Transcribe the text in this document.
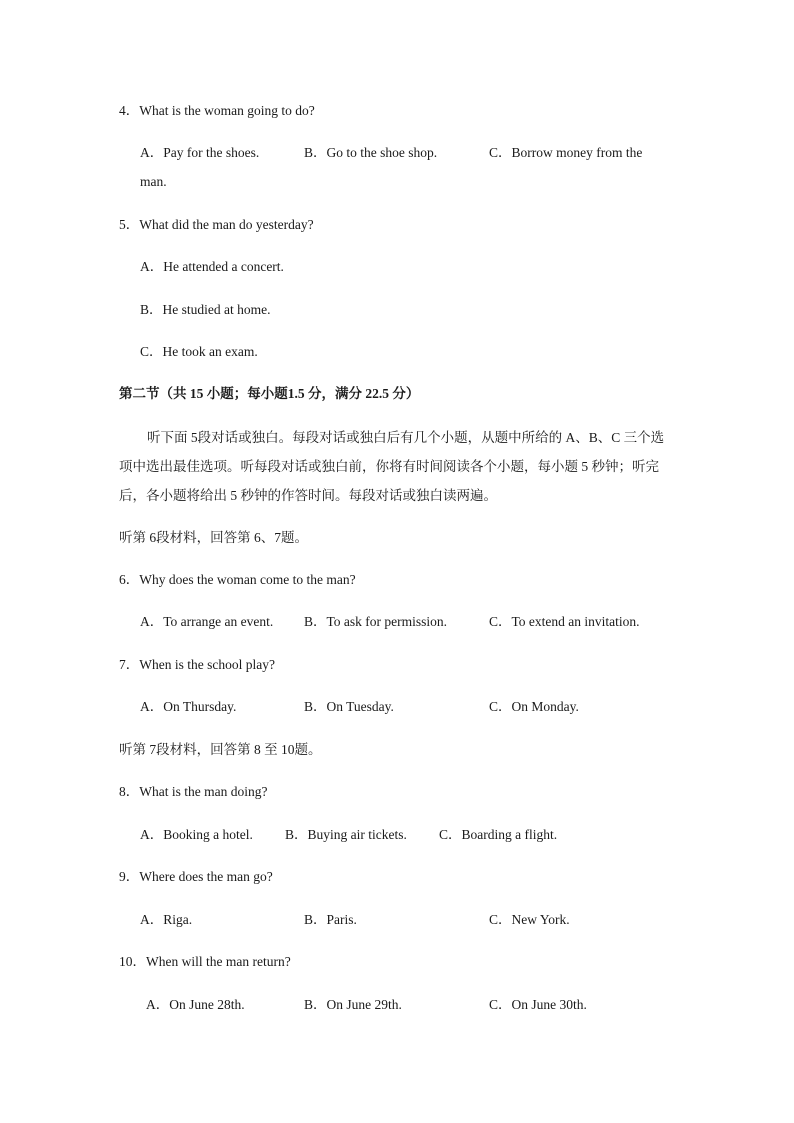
4．What is the woman going to do?
A．Pay for the shoes.	B．Go to the shoe shop.	C．Borrow money from the
man.
5．What did the man do yesterday?
A．He attended a concert.
B．He studied at home.
C．He took an exam.
第二节（共 15 小题；每小题1.5 分，满分 22.5 分）
听下面 5段对话或独白。每段对话或独白后有几个小题，从题中所给的 A、B、C 三个选项中选出最佳选项。听每段对话或独白前，你将有时间阅读各个小题，每小题 5 秒钟；听完后，各小题将给出 5 秒钟的作答时间。每段对话或独白读两遍。
听第 6段材料，回答第 6、7题。
6．Why does the woman come to the man?
A．To arrange an event. B．To ask for permission.	C．To extend an invitation.
7．When is the school play?
A．On Thursday.	B．On Tuesday.	C．On Monday.
听第 7段材料，回答第 8 至 10题。
8．What is the man doing?
A．Booking a hotel. B．Buying air tickets. C．Boarding a flight.
9．Where does the man go?
A．Riga.	B．Paris.	C．New York.
10．When will the man return?
A．On June 28th.	B．On June 29th.	C．On June 30th.
